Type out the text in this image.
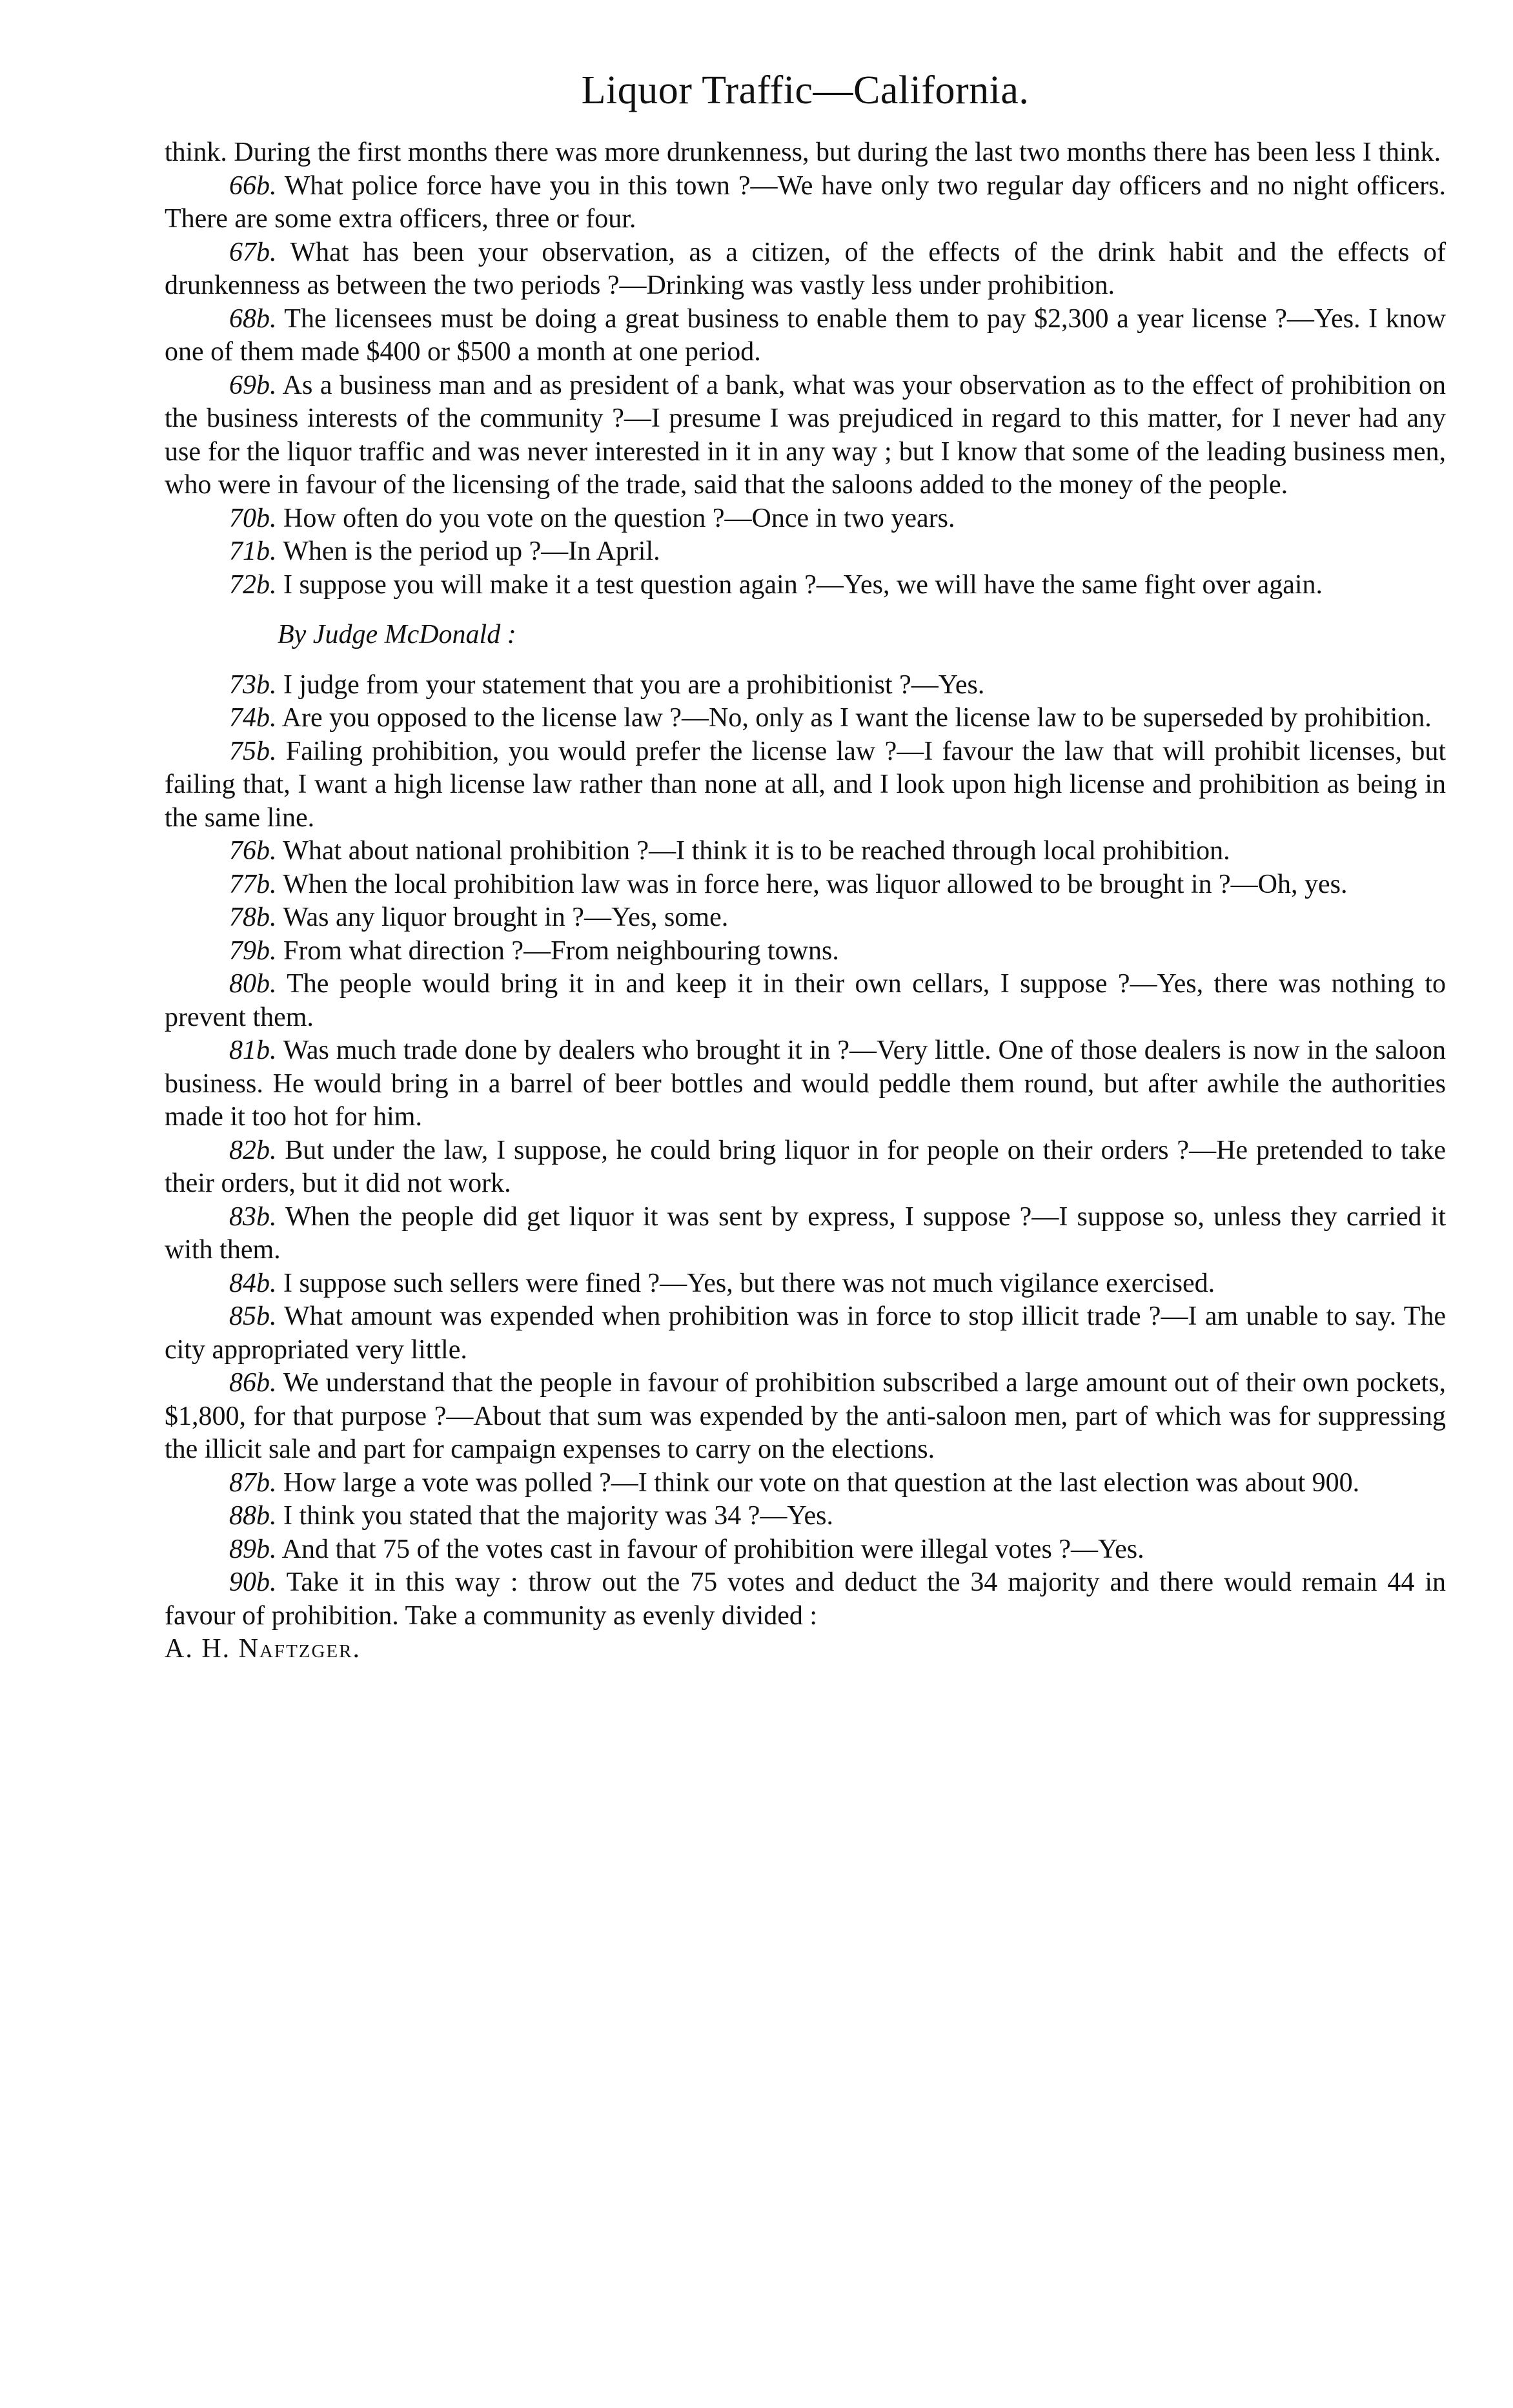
Liquor Traffic—California.

think. During the first months there was more drunkenness, but during the last two months there has been less I think.

66b. What police force have you in this town ?—We have only two regular day officers and no night officers. There are some extra officers, three or four.

67b. What has been your observation, as a citizen, of the effects of the drink habit and the effects of drunkenness as between the two periods ?—Drinking was vastly less under prohibition.

68b. The licensees must be doing a great business to enable them to pay $2,300 a year license ?—Yes. I know one of them made $400 or $500 a month at one period.

69b. As a business man and as president of a bank, what was your observation as to the effect of prohibition on the business interests of the community ?—I presume I was prejudiced in regard to this matter, for I never had any use for the liquor traffic and was never interested in it in any way ; but I know that some of the leading business men, who were in favour of the licensing of the trade, said that the saloons added to the money of the people.

70b. How often do you vote on the question ?—Once in two years.

71b. When is the period up ?—In April.

72b. I suppose you will make it a test question again ?—Yes, we will have the same fight over again.

By Judge McDonald :

73b. I judge from your statement that you are a prohibitionist ?—Yes.

74b. Are you opposed to the license law ?—No, only as I want the license law to be superseded by prohibition.

75b. Failing prohibition, you would prefer the license law ?—I favour the law that will prohibit licenses, but failing that, I want a high license law rather than none at all, and I look upon high license and prohibition as being in the same line.

76b. What about national prohibition ?—I think it is to be reached through local prohibition.

77b. When the local prohibition law was in force here, was liquor allowed to be brought in ?—Oh, yes.

78b. Was any liquor brought in ?—Yes, some.

79b. From what direction ?—From neighbouring towns.

80b. The people would bring it in and keep it in their own cellars, I suppose ?—Yes, there was nothing to prevent them.

81b. Was much trade done by dealers who brought it in ?—Very little. One of those dealers is now in the saloon business. He would bring in a barrel of beer bottles and would peddle them round, but after awhile the authorities made it too hot for him.

82b. But under the law, I suppose, he could bring liquor in for people on their orders ?—He pretended to take their orders, but it did not work.

83b. When the people did get liquor it was sent by express, I suppose ?—I suppose so, unless they carried it with them.

84b. I suppose such sellers were fined ?—Yes, but there was not much vigilance exercised.

85b. What amount was expended when prohibition was in force to stop illicit trade ?—I am unable to say. The city appropriated very little.

86b. We understand that the people in favour of prohibition subscribed a large amount out of their own pockets, $1,800, for that purpose ?—About that sum was expended by the anti-saloon men, part of which was for suppressing the illicit sale and part for campaign expenses to carry on the elections.

87b. How large a vote was polled ?—I think our vote on that question at the last election was about 900.

88b. I think you stated that the majority was 34 ?—Yes.

89b. And that 75 of the votes cast in favour of prohibition were illegal votes ?—Yes.

90b. Take it in this way : throw out the 75 votes and deduct the 34 majority and there would remain 44 in favour of prohibition. Take a community as evenly divided :

A. H. Naftzger.
